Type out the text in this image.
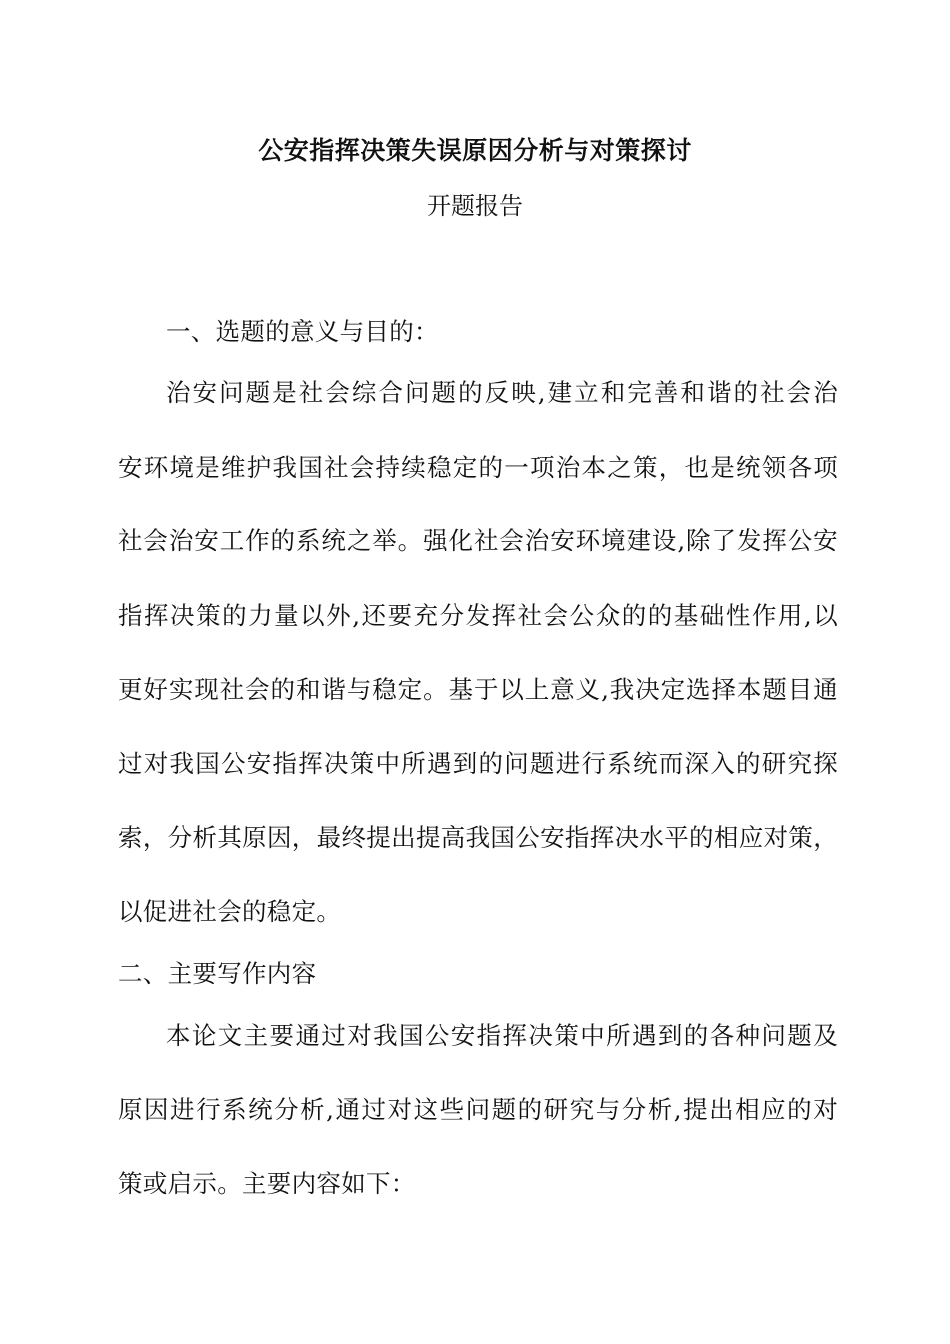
公安指挥决策失误原因分析与对策探讨
开题报告
一、选题的意义与目的：
治安问题是社会综合问题的反映,建立和完善和谐的社会治
安环境是维护我国社会持续稳定的一项治本之策，也是统领各项
社会治安工作的系统之举。强化社会治安环境建设,除了发挥公安
指挥决策的力量以外,还要充分发挥社会公众的的基础性作用,以
更好实现社会的和谐与稳定。基于以上意义,我决定选择本题目通
过对我国公安指挥决策中所遇到的问题进行系统而深入的研究探
索，分析其原因，最终提出提高我国公安指挥决水平的相应对策，
以促进社会的稳定。
二、主要写作内容
本论文主要通过对我国公安指挥决策中所遇到的各种问题及
原因进行系统分析,通过对这些问题的研究与分析,提出相应的对
策或启示。主要内容如下：
